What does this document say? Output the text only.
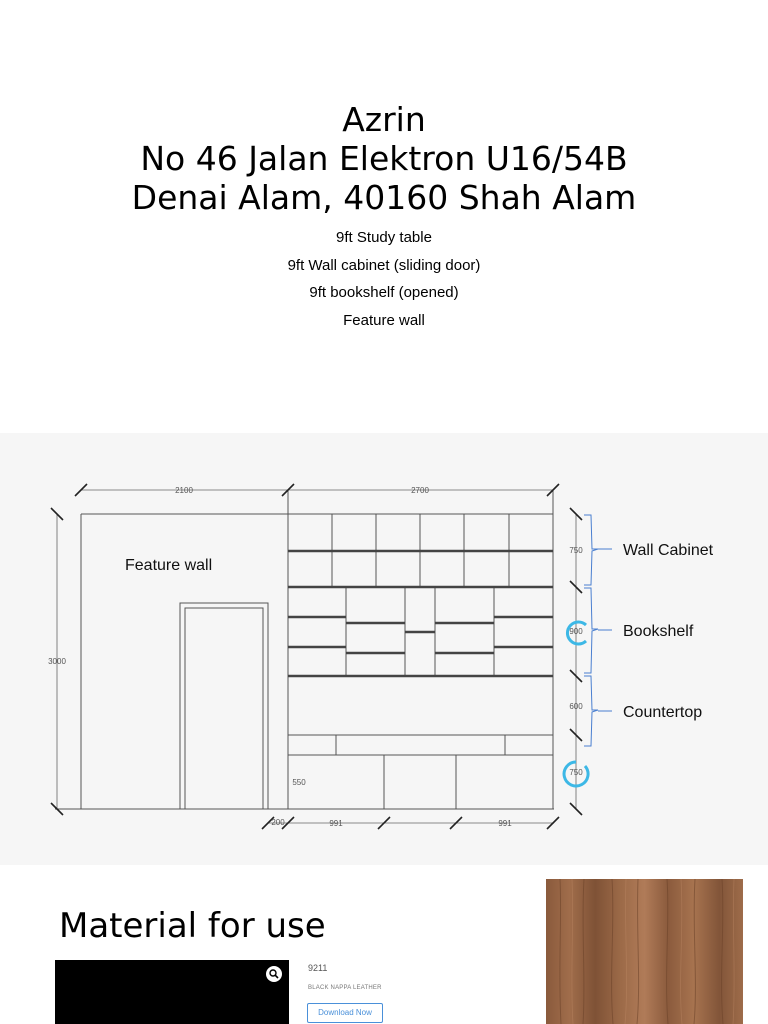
Azrin
No 46 Jalan Elektron U16/54B
Denai Alam, 40160 Shah Alam
9ft Study table
9ft Wall cabinet (sliding door)
9ft bookshelf (opened)
Feature wall
2100	2700
3000
750
900
600
750
550
200	991	991
Feature wall
Wall Cabinet
Bookshelf
Countertop
Material for use
9211
BLACK NAPPA LEATHER
Download Now
